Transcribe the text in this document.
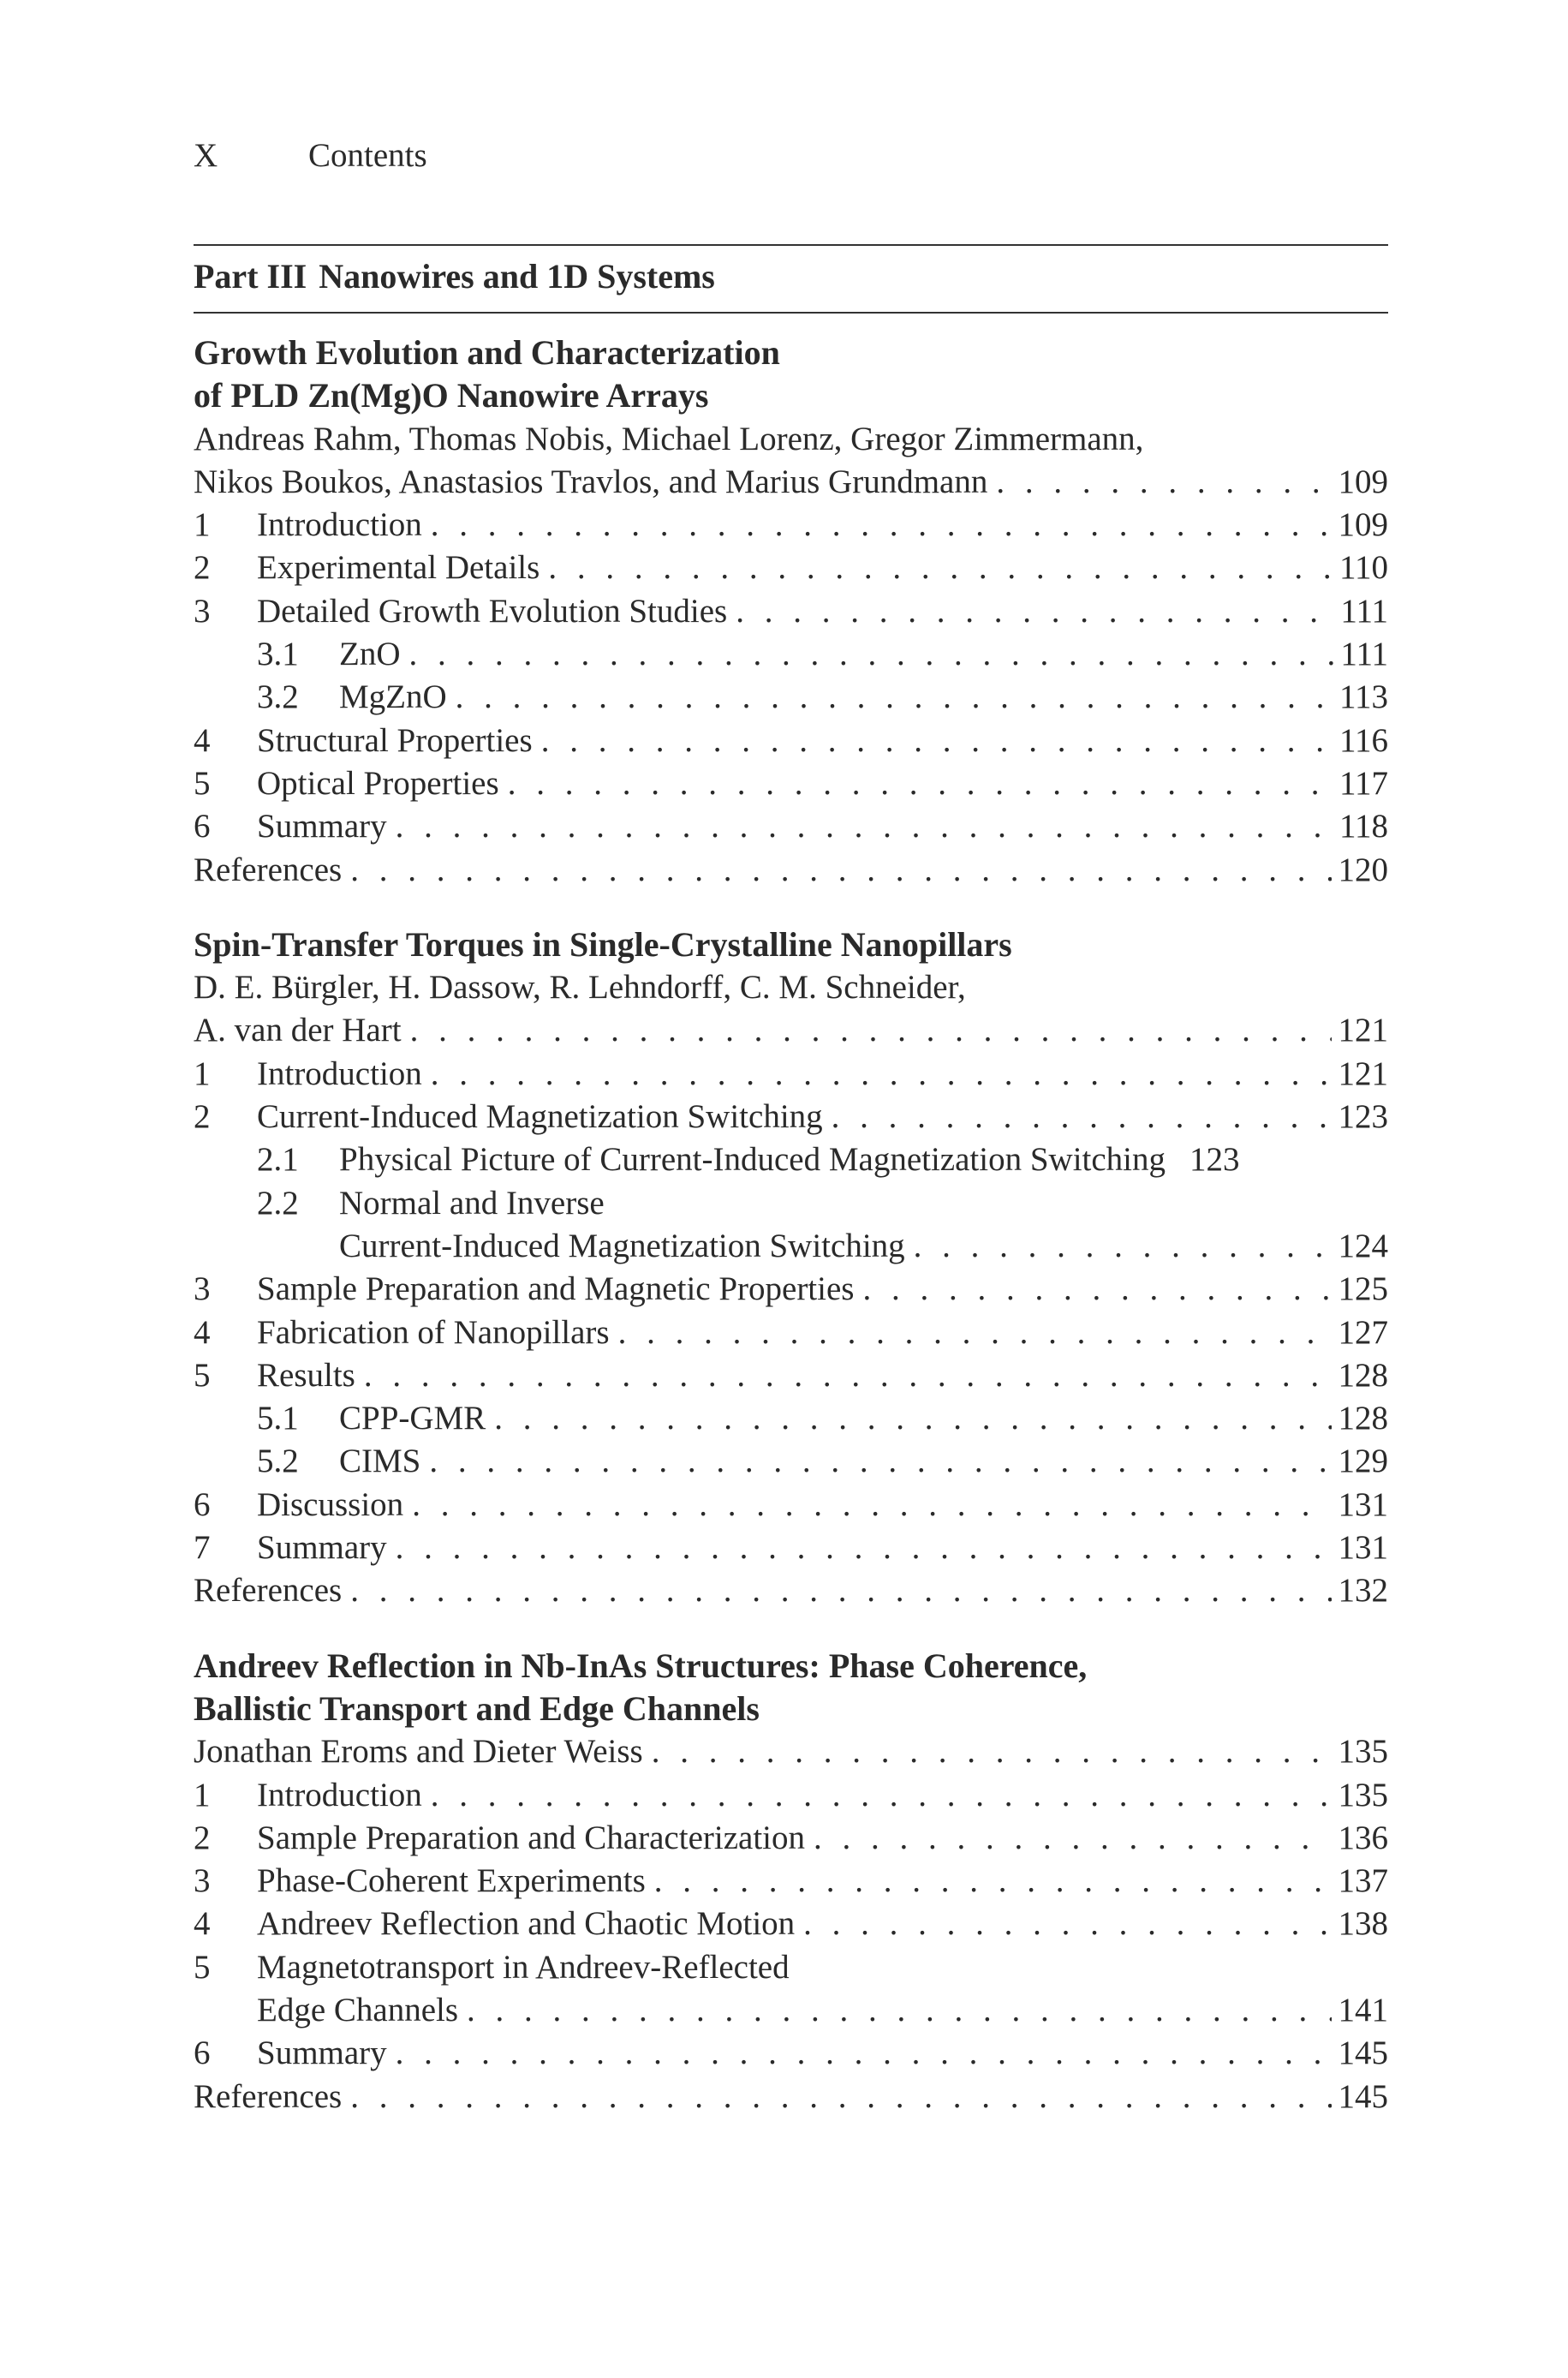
X	Contents
Part III Nanowires and 1D Systems
Growth Evolution and Characterization
of PLD Zn(Mg)O Nanowire Arrays
Andreas Rahm, Thomas Nobis, Michael Lorenz, Gregor Zimmermann,
Nikos Boukos, Anastasios Travlos, and Marius Grundmann . . .	109
1	Introduction . . .	109
2	Experimental Details . . .	110
3	Detailed Growth Evolution Studies . . .	111
3.1	ZnO . . .	111
3.2	MgZnO . . .	113
4	Structural Properties . . .	116
5	Optical Properties . . .	117
6	Summary . . .	118
References . . .	120
Spin-Transfer Torques in Single-Crystalline Nanopillars
D. E. Bürgler, H. Dassow, R. Lehndorff, C. M. Schneider,
A. van der Hart . . .	121
1	Introduction . . .	121
2	Current-Induced Magnetization Switching . . .	123
2.1	Physical Picture of Current-Induced Magnetization Switching 123
2.2	Normal and Inverse
Current-Induced Magnetization Switching . . .	124
3	Sample Preparation and Magnetic Properties . . .	125
4	Fabrication of Nanopillars . . .	127
5	Results . . .	128
5.1	CPP-GMR . . .	128
5.2	CIMS . . .	129
6	Discussion . . .	131
7	Summary . . .	131
References . . .	132
Andreev Reflection in Nb-InAs Structures: Phase Coherence,
Ballistic Transport and Edge Channels
Jonathan Eroms and Dieter Weiss . . .	135
1	Introduction . . .	135
2	Sample Preparation and Characterization . . .	136
3	Phase-Coherent Experiments . . .	137
4	Andreev Reflection and Chaotic Motion . . .	138
5	Magnetotransport in Andreev-Reflected
Edge Channels . . .	141
6	Summary . . .	145
References . . .	145
